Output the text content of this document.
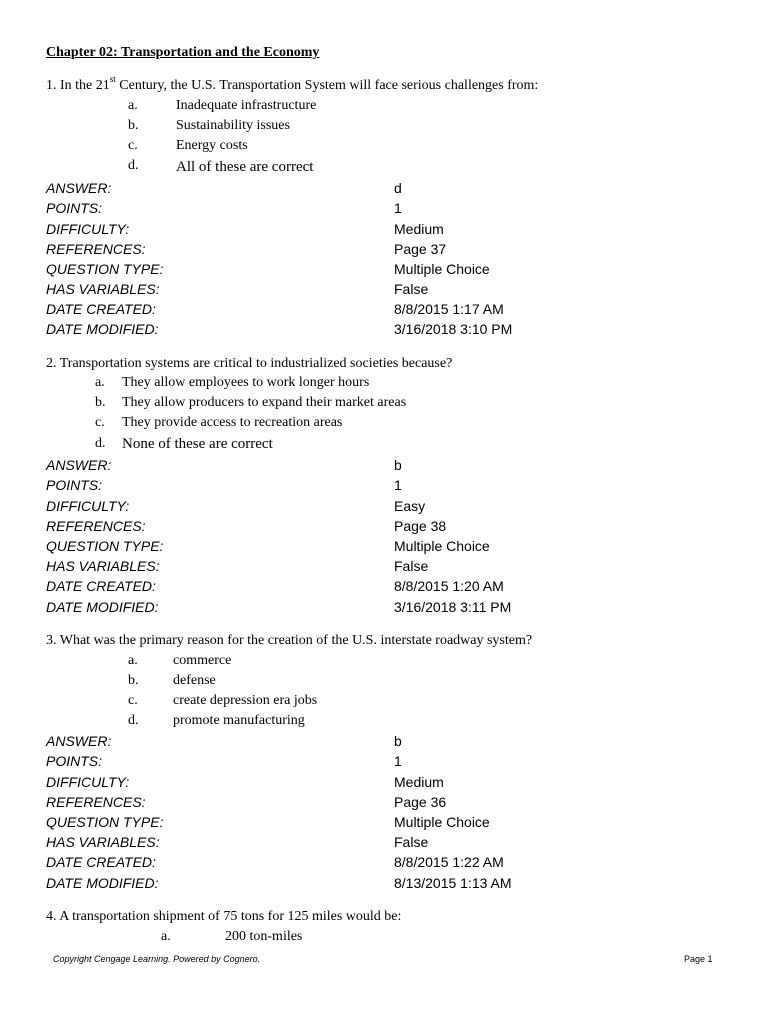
Chapter 02: Transportation and the Economy
1. In the 21st Century, the U.S. Transportation System will face serious challenges from:
a.	Inadequate infrastructure
b.	Sustainability issues
c.	Energy costs
d.	All of these are correct
ANSWER:	d
POINTS:	1
DIFFICULTY:	Medium
REFERENCES:	Page 37
QUESTION TYPE:	Multiple Choice
HAS VARIABLES:	False
DATE CREATED:	8/8/2015 1:17 AM
DATE MODIFIED:	3/16/2018 3:10 PM
2. Transportation systems are critical to industrialized societies because?
a. They allow employees to work longer hours
b. They allow producers to expand their market areas
c. They provide access to recreation areas
d. None of these are correct
ANSWER:	b
POINTS:	1
DIFFICULTY:	Easy
REFERENCES:	Page 38
QUESTION TYPE:	Multiple Choice
HAS VARIABLES:	False
DATE CREATED:	8/8/2015 1:20 AM
DATE MODIFIED:	3/16/2018 3:11 PM
3. What was the primary reason for the creation of the U.S. interstate roadway system?
a.	commerce
b. defense
c.	create depression era jobs
d. promote manufacturing
ANSWER:	b
POINTS:	1
DIFFICULTY:	Medium
REFERENCES:	Page 36
QUESTION TYPE:	Multiple Choice
HAS VARIABLES:	False
DATE CREATED:	8/8/2015 1:22 AM
DATE MODIFIED:	8/13/2015 1:13 AM
4. A transportation shipment of 75 tons for 125 miles would be:
a.	200 ton-miles
Copyright Cengage Learning. Powered by Cognero.	Page 1
